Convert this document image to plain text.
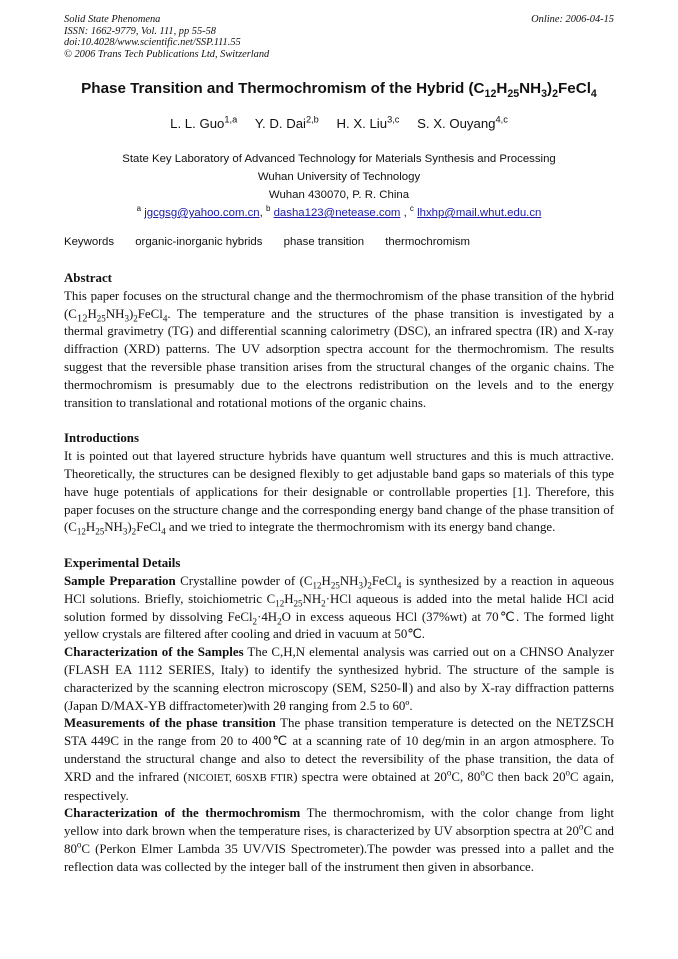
Solid State Phenomena
ISSN: 1662-9779, Vol. 111, pp 55-58
doi:10.4028/www.scientific.net/SSP.111.55
© 2006 Trans Tech Publications Ltd, Switzerland
Online: 2006-04-15
Phase Transition and Thermochromism of the Hybrid $(C_{12}H_{25}NH_3)_2FeCl_4$
L. L. Guo$^{1,a}$ Y. D. Dai$^{2,b}$ H. X. Liu$^{3,c}$ S. X. Ouyang$^{4,c}$
State Key Laboratory of Advanced Technology for Materials Synthesis and Processing
Wuhan University of Technology
Wuhan 430070, P. R. China
$^a$ jgcgsg@yahoo.com.cn, $^b$ dasha123@netease.com , $^c$ lhxhp@mail.whut.edu.cn
Keywords organic-inorganic hybrids phase transition thermochromism
Abstract

This paper focuses on the structural change and the thermochromism of the phase transition of the hybrid $(C_{12}H_{25}NH_3)_2FeCl_4$. The temperature and the structures of the phase transition is investigated by a thermal gravimetry (TG) and differential scanning calorimetry (DSC), an infrared spectra (IR) and X-ray diffraction (XRD) patterns. The UV adsorption spectra account for the thermochromism. The results suggest that the reversible phase transition arises from the structural changes of the organic chains. The thermochromism is presumably due to the electrons redistribution on the levels and to the energy transition to translational and rotational motions of the organic chains.

Introductions

It is pointed out that layered structure hybrids have quantum well structures and this is much attractive. Theoretically, the structures can be designed flexibly to get adjustable band gaps so materials of this type have huge potentials of applications for their designable or controllable properties [1]. Therefore, this paper focuses on the structure change and the corresponding energy band change of the phase transition of $(C_{12}H_{25}NH_3)_2FeCl_4$ and we tried to integrate the thermochromism with its energy band change.

Experimental Details

Sample Preparation Crystalline powder of $(C_{12}H_{25}NH_3)_2FeCl_4$ is synthesized by a reaction in aqueous HCl solutions. Briefly, stoichiometric $C_{12}H_{25}NH_2\cdot HCl$ aqueous is added into the metal halide HCl acid solution formed by dissolving $FeCl_2\cdot 4H_2O$ in excess aqueous HCl (37%wt) at 70℃. The formed light yellow crystals are filtered after cooling and dried in vacuum at 50℃.

Characterization of the Samples The C,H,N elemental analysis was carried out on a CHNSO Analyzer (FLASH EA 1112 SERIES, Italy) to identify the synthesized hybrid. The structure of the sample is characterized by the scanning electron microscopy (SEM, S250-Ⅱ) and also by X-ray diffraction patterns (Japan D/MAX-YB diffractometer)with 2θ ranging from 2.5 to 60º.

Measurements of the phase transition The phase transition temperature is detected on the NETZSCH STA 449C in the range from 20 to 400℃ at a scanning rate of 10 deg/min in an argon atmosphere. To understand the structural change and also to detect the reversibility of the phase transition, the data of XRD and the infrared (NICOIET, 60SXB FTIR) spectra were obtained at 20$^o$C, 80$^o$C then back 20$^o$C again, respectively.

Characterization of the thermochromism The thermochromism, with the color change from light yellow into dark brown when the temperature rises, is characterized by UV absorption spectra at 20$^o$C and 80$^o$C (Perkon Elmer Lambda 35 UV/VIS Spectrometer).The powder was pressed into a pallet and the reflection data was collected by the integer ball of the instrument then given in absorbance.
